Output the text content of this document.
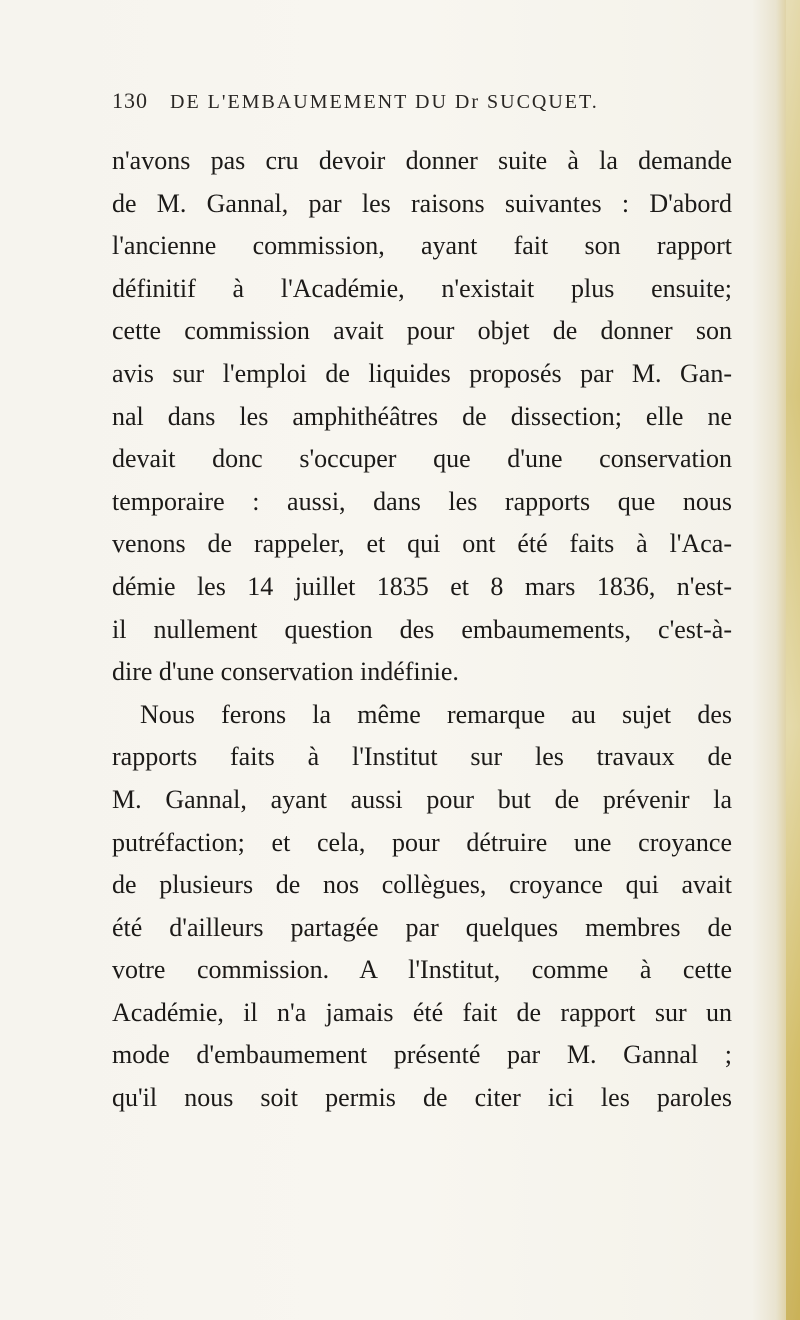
130 DE L'EMBAUMEMENT DU Dr SUCQUET.
n'avons pas cru devoir donner suite à la demande
de M. Gannal, par les raisons suivantes : D'abord
l'ancienne commission, ayant fait son rapport
définitif à l'Académie, n'existait plus ensuite;
cette commission avait pour objet de donner son
avis sur l'emploi de liquides proposés par M. Gan-
nal dans les amphithéâtres de dissection; elle ne
devait donc s'occuper que d'une conservation
temporaire : aussi, dans les rapports que nous
venons de rappeler, et qui ont été faits à l'Aca-
démie les 14 juillet 1835 et 8 mars 1836, n'est-
il nullement question des embaumements, c'est-à-
dire d'une conservation indéfinie.
Nous ferons la même remarque au sujet des
rapports faits à l'Institut sur les travaux de
M. Gannal, ayant aussi pour but de prévenir la
putréfaction; et cela, pour détruire une croyance
de plusieurs de nos collègues, croyance qui avait
été d'ailleurs partagée par quelques membres de
votre commission. A l'Institut, comme à cette
Académie, il n'a jamais été fait de rapport sur un
mode d'embaumement présenté par M. Gannal ;
qu'il nous soit permis de citer ici les paroles
